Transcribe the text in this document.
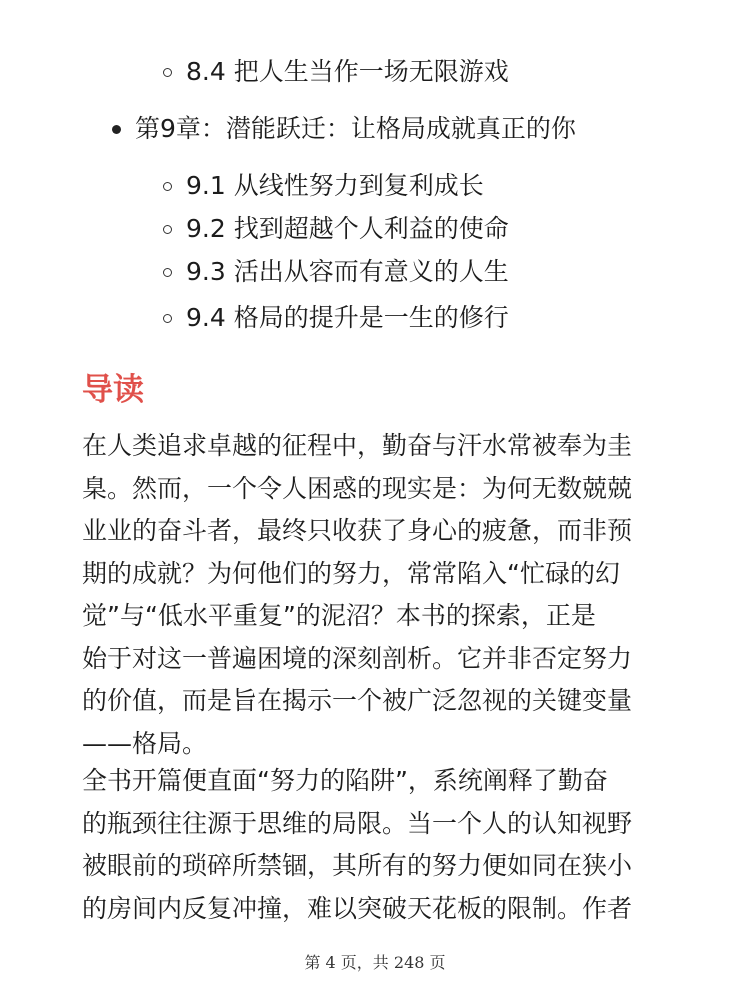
8.4 把人生当作一场无限游戏
第9章：潜能跃迁：让格局成就真正的你
9.1 从线性努力到复利成长
9.2 找到超越个人利益的使命
9.3 活出从容而有意义的人生
9.4 格局的提升是一生的修行
导读
在人类追求卓越的征程中，勤奋与汗水常被奉为圭
臬。然而，一个令人困惑的现实是：为何无数兢兢
业业的奋斗者，最终只收获了身心的疲惫，而非预
期的成就？为何他们的努力，常常陷入“忙碌的幻
觉”与“低水平重复”的泥沼？本书的探索，正是
始于对这一普遍困境的深刻剖析。它并非否定努力
的价值，而是旨在揭示一个被广泛忽视的关键变量
——格局。
全书开篇便直面“努力的陷阱”，系统阐释了勤奋
的瓶颈往往源于思维的局限。当一个人的认知视野
被眼前的琐碎所禁锢，其所有的努力便如同在狭小
的房间内反复冲撞，难以突破天花板的限制。作者
第 4 页，共 248 页
